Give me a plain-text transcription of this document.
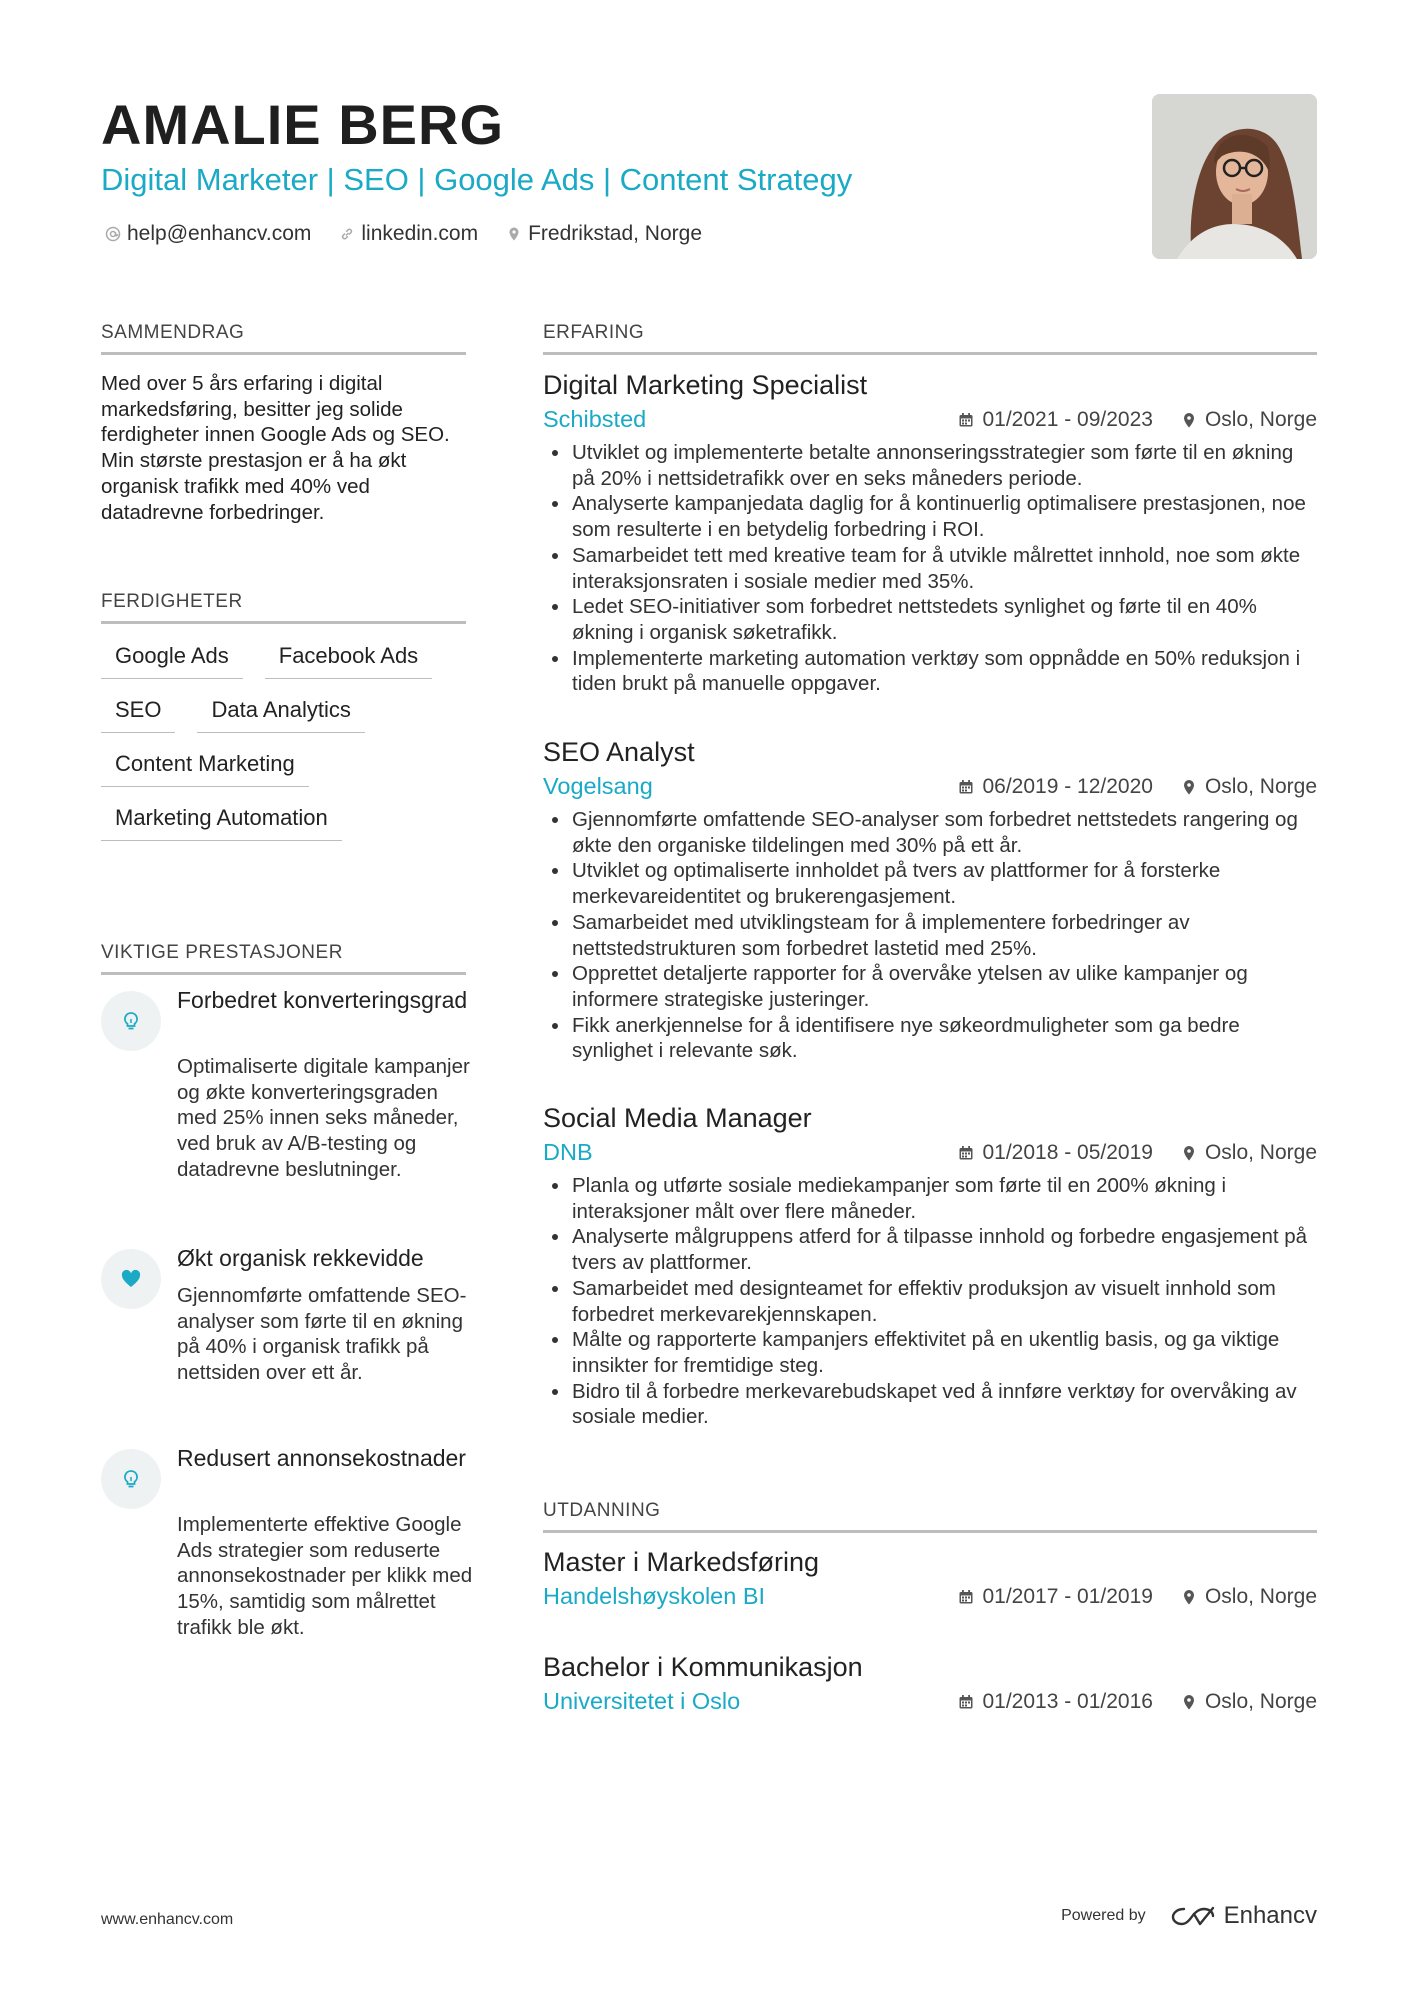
AMALIE BERG
Digital Marketer | SEO | Google Ads | Content Strategy
help@enhancv.com linkedin.com Fredrikstad, Norge
SAMMENDRAG
Med over 5 års erfaring i digital markedsføring, besitter jeg solide ferdigheter innen Google Ads og SEO. Min største prestasjon er å ha økt organisk trafikk med 40% ved datadrevne forbedringer.
FERDIGHETER
Google Ads	Facebook Ads
SEO	Data Analytics
Content Marketing
Marketing Automation
VIKTIGE PRESTASJONER
Forbedret konverteringsgrad
Optimaliserte digitale kampanjer og økte konverteringsgraden med 25% innen seks måneder, ved bruk av A/B-testing og datadrevne beslutninger.
Økt organisk rekkevidde
Gjennomførte omfattende SEO-analyser som førte til en økning på 40% i organisk trafikk på nettsiden over ett år.
Redusert annonsekostnader
Implementerte effektive Google Ads strategier som reduserte annonsekostnader per klikk med 15%, samtidig som målrettet trafikk ble økt.
ERFARING
Digital Marketing Specialist
Schibsted	01/2021 - 09/2023 Oslo, Norge
Utviklet og implementerte betalte annonseringsstrategier som førte til en økning på 20% i nettsidetrafikk over en seks måneders periode.
Analyserte kampanjedata daglig for å kontinuerlig optimalisere prestasjonen, noe som resulterte i en betydelig forbedring i ROI.
Samarbeidet tett med kreative team for å utvikle målrettet innhold, noe som økte interaksjonsraten i sosiale medier med 35%.
Ledet SEO-initiativer som forbedret nettstedets synlighet og førte til en 40% økning i organisk søketrafikk.
Implementerte marketing automation verktøy som oppnådde en 50% reduksjon i tiden brukt på manuelle oppgaver.
SEO Analyst
Vogelsang	06/2019 - 12/2020 Oslo, Norge
Gjennomførte omfattende SEO-analyser som forbedret nettstedets rangering og økte den organiske tildelingen med 30% på ett år.
Utviklet og optimaliserte innholdet på tvers av plattformer for å forsterke merkevareidentitet og brukerengasjement.
Samarbeidet med utviklingsteam for å implementere forbedringer av nettstedstrukturen som forbedret lastetid med 25%.
Opprettet detaljerte rapporter for å overvåke ytelsen av ulike kampanjer og informere strategiske justeringer.
Fikk anerkjennelse for å identifisere nye søkeordmuligheter som ga bedre synlighet i relevante søk.
Social Media Manager
DNB	01/2018 - 05/2019 Oslo, Norge
Planla og utførte sosiale mediekampanjer som førte til en 200% økning i interaksjoner målt over flere måneder.
Analyserte målgruppens atferd for å tilpasse innhold og forbedre engasjement på tvers av plattformer.
Samarbeidet med designteamet for effektiv produksjon av visuelt innhold som forbedret merkevarekjennskapen.
Målte og rapporterte kampanjers effektivitet på en ukentlig basis, og ga viktige innsikter for fremtidige steg.
Bidro til å forbedre merkevarebudskapet ved å innføre verktøy for overvåking av sosiale medier.
UTDANNING
Master i Markedsføring
Handelshøyskolen BI	01/2017 - 01/2019 Oslo, Norge
Bachelor i Kommunikasjon
Universitetet i Oslo	01/2013 - 01/2016 Oslo, Norge
www.enhancv.com	Powered by	Enhancv
